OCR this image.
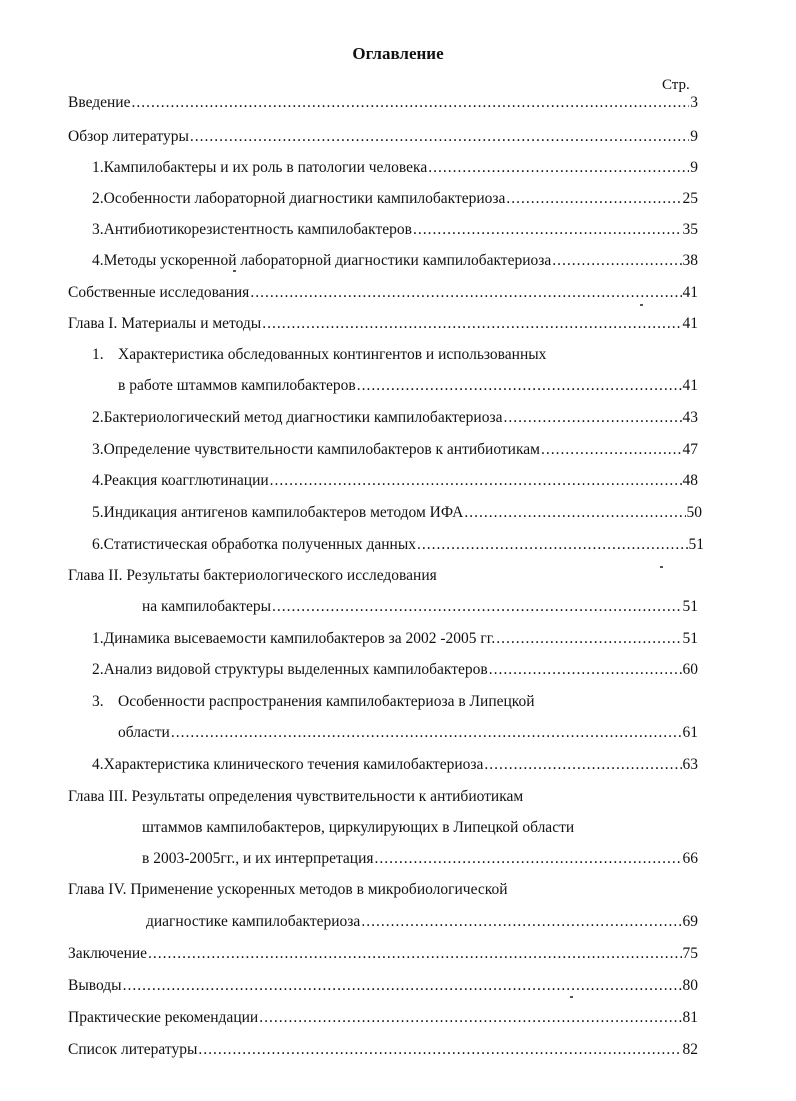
Оглавление
Стр.
Введение .....	3
Обзор литературы .....	9
1. Кампилобактеры и их роль в патологии человека .....	9
2. Особенности лабораторной диагностики кампилобактериоза .....	25
3. Антибиотикорезистентность кампилобактеров .....	35
4. Методы ускоренной лабораторной диагностики кампилобактериоза .....	38
Собственные исследования .....	41
Глава I. Материалы и методы .....	41
1. Характеристика обследованных контингентов и использованных
в работе штаммов кампилобактеров .....	41
2. Бактериологический метод диагностики кампилобактериоза .....	43
3. Определение чувствительности кампилобактеров к антибиотикам .....	47
4. Реакция коагглютинации .....	48
5. Индикация антигенов кампилобактеров методом ИФА .....	50
6. Статистическая обработка полученных данных .....	51
Глава II. Результаты бактериологического исследования
на кампилобактеры .....	51
1. Динамика высеваемости кампилобактеров за 2002 -2005 гг. .....	51
2. Анализ видовой структуры выделенных кампилобактеров .....	60
3. Особенности распространения кампилобактериоза в Липецкой
области .....	61
4. Характеристика клинического течения камилобактериоза .....	63
Глава III. Результаты определения чувствительности к антибиотикам
штаммов кампилобактеров, циркулирующих в Липецкой области
в 2003-2005гг., и их интерпретация .....	66
Глава IV. Применение ускоренных методов в микробиологической
диагностике кампилобактериоза .....	69
Заключение .....	75
Выводы .....	80
Практические рекомендации .....	81
Список литературы .....	82
